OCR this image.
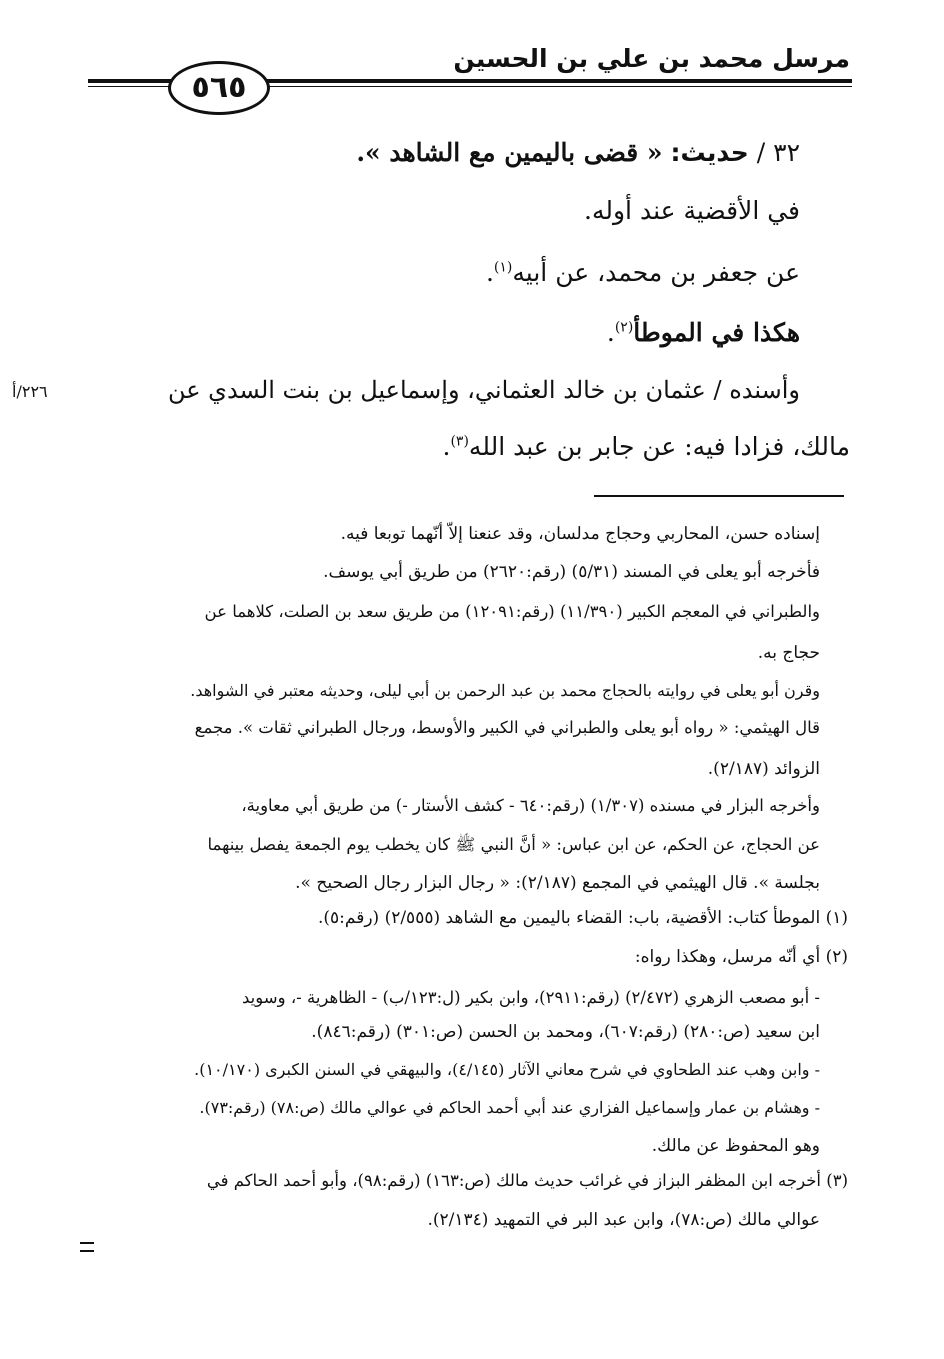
مرسل محمد بن علي بن الحسين
٥٦٥
٣٢ / حديث: « قضى باليمين مع الشاهد ».
في الأقضية عند أوله.
عن جعفر بن محمد، عن أبيه$^{(١)}$.
هكذا في الموطأ$^{(٢)}$.
وأسنده / عثمان بن خالد العثماني، وإسماعيل بن بنت السدي عن
مالك، فزادا فيه: عن جابر بن عبد الله$^{(٣)}$.
٢٢٦/أ
إسناده حسن، المحاربي وحجاج مدلسان، وقد عنعنا إلاّ أنّهما توبعا فيه.
فأخرجه أبو يعلى في المسند (٥/٣١) (رقم:٢٦٢٠) من طريق أبي يوسف.
والطبراني في المعجم الكبير (١١/٣٩٠) (رقم:١٢٠٩١) من طريق سعد بن الصلت، كلاهما عن
حجاج به.
وقرن أبو يعلى في روايته بالحجاج محمد بن عبد الرحمن بن أبي ليلى، وحديثه معتبر في الشواهد.
قال الهيثمي: « رواه أبو يعلى والطبراني في الكبير والأوسط، ورجال الطبراني ثقات ». مجمع
الزوائد (٢/١٨٧).
وأخرجه البزار في مسنده (١/٣٠٧) (رقم:٦٤٠ - كشف الأستار -) من طريق أبي معاوية،
عن الحجاج، عن الحكم، عن ابن عباس: « أنَّ النبي ﷺ كان يخطب يوم الجمعة يفصل بينهما
بجلسة ». قال الهيثمي في المجمع (٢/١٨٧): « رجال البزار رجال الصحيح ».
(١) الموطأ كتاب: الأقضية، باب: القضاء باليمين مع الشاهد (٢/٥٥٥) (رقم:٥).
(٢) أي أنّه مرسل، وهكذا رواه:
- أبو مصعب الزهري (٢/٤٧٢) (رقم:٢٩١١)، وابن بكير (ل:١٢٣/ب) - الظاهرية -، وسويد
ابن سعيد (ص:٢٨٠) (رقم:٦٠٧)، ومحمد بن الحسن (ص:٣٠١) (رقم:٨٤٦).
- وابن وهب عند الطحاوي في شرح معاني الآثار (٤/١٤٥)، والبيهقي في السنن الكبرى (١٠/١٧٠).
- وهشام بن عمار وإسماعيل الفزاري عند أبي أحمد الحاكم في عوالي مالك (ص:٧٨) (رقم:٧٣).
وهو المحفوظ عن مالك.
(٣) أخرجه ابن المظفر البزاز في غرائب حديث مالك (ص:١٦٣) (رقم:٩٨)، وأبو أحمد الحاكم في
عوالي مالك (ص:٧٨)، وابن عبد البر في التمهيد (٢/١٣٤).
